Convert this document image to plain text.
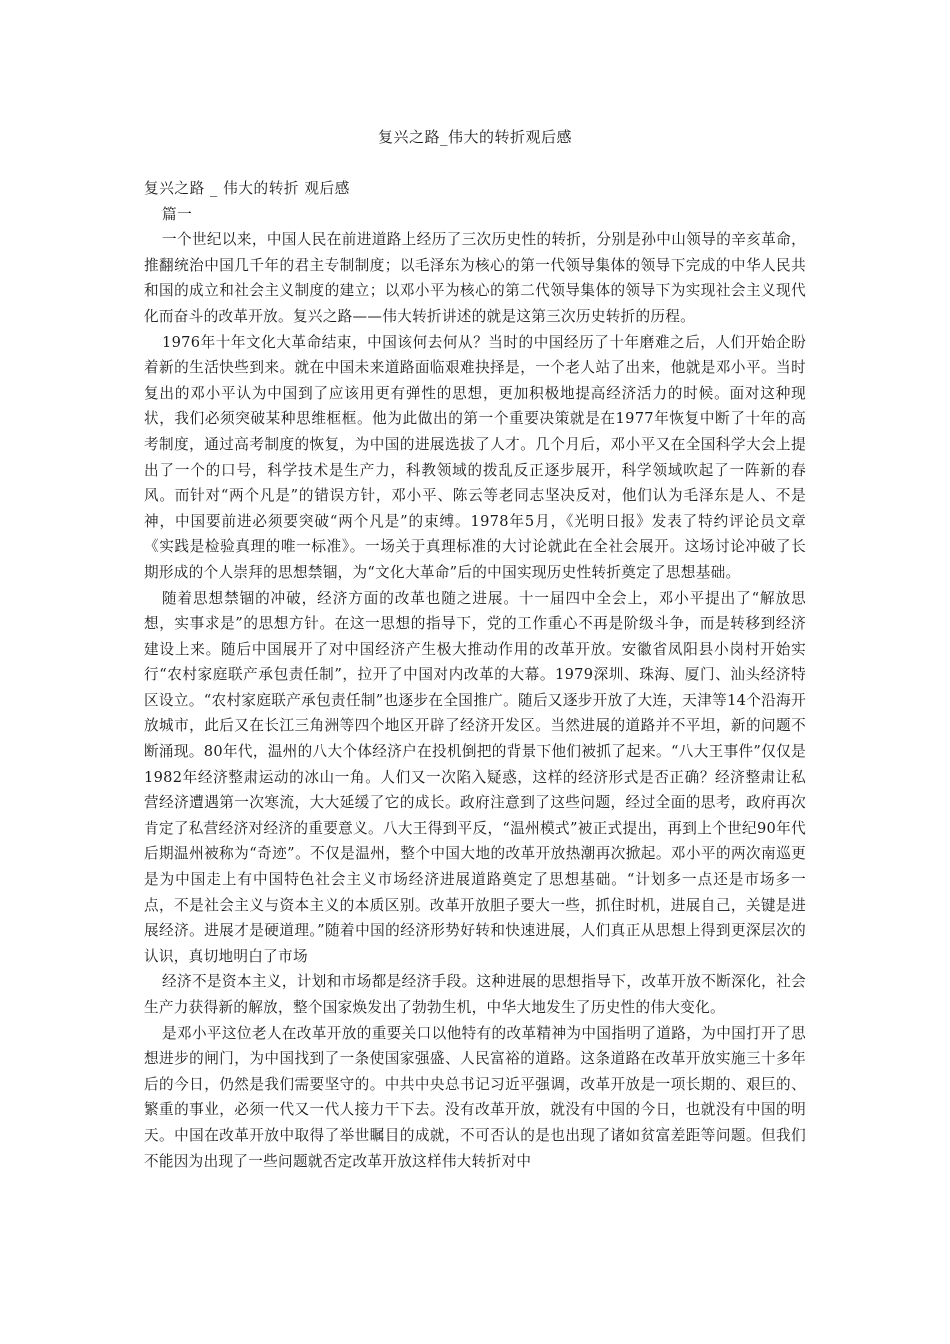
复兴之路_伟大的转折观后感

复兴之路 _ 伟大的转折 观后感

篇一

一个世纪以来，中国人民在前进道路上经历了三次历史性的转折，分别是孙中山领导的辛亥革命，推翻统治中国几千年的君主专制制度；以毛泽东为核心的第一代领导集体的领导下完成的中华人民共和国的成立和社会主义制度的建立；以邓小平为核心的第二代领导集体的领导下为实现社会主义现代化而奋斗的改革开放。复兴之路——伟大转折讲述的就是这第三次历史转折的历程。

1976年十年文化大革命结束，中国该何去何从？当时的中国经历了十年磨难之后，人们开始企盼着新的生活快些到来。就在中国未来道路面临艰难抉择是，一个老人站了出来，他就是邓小平。当时复出的邓小平认为中国到了应该用更有弹性的思想，更加积极地提高经济活力的时候。面对这种现状，我们必须突破某种思维框框。他为此做出的第一个重要决策就是在1977年恢复中断了十年的高考制度，通过高考制度的恢复，为中国的进展选拔了人才。几个月后，邓小平又在全国科学大会上提出了一个的口号，科学技术是生产力，科教领域的拨乱反正逐步展开，科学领域吹起了一阵新的春风。而针对“两个凡是”的错误方针，邓小平、陈云等老同志坚决反对，他们认为毛泽东是人、不是神，中国要前进必须要突破“两个凡是”的束缚。1978年5月，《光明日报》发表了特约评论员文章《实践是检验真理的唯一标准》。一场关于真理标准的大讨论就此在全社会展开。这场讨论冲破了长期形成的个人崇拜的思想禁锢，为“文化大革命”后的中国实现历史性转折奠定了思想基础。

随着思想禁锢的冲破，经济方面的改革也随之进展。十一届四中全会上，邓小平提出了“解放思想，实事求是”的思想方针。在这一思想的指导下，党的工作重心不再是阶级斗争，而是转移到经济建设上来。随后中国展开了对中国经济产生极大推动作用的改革开放。安徽省凤阳县小岗村开始实行“农村家庭联产承包责任制”，拉开了中国对内改革的大幕。1979深圳、珠海、厦门、汕头经济特区设立。“农村家庭联产承包责任制”也逐步在全国推广。随后又逐步开放了大连，天津等14个沿海开放城市，此后又在长江三角洲等四个地区开辟了经济开发区。当然进展的道路并不平坦，新的问题不断涌现。80年代，温州的八大个体经济户在投机倒把的背景下他们被抓了起来。“八大王事件”仅仅是1982年经济整肃运动的冰山一角。人们又一次陷入疑惑，这样的经济形式是否正确？经济整肃让私营经济遭遇第一次寒流，大大延缓了它的成长。政府注意到了这些问题，经过全面的思考，政府再次肯定了私营经济对经济的重要意义。八大王得到平反，“温州模式”被正式提出，再到上个世纪90年代后期温州被称为“奇迹”。不仅是温州，整个中国大地的改革开放热潮再次掀起。邓小平的两次南巡更是为中国走上有中国特色社会主义市场经济进展道路奠定了思想基础。“计划多一点还是市场多一点，不是社会主义与资本主义的本质区别。改革开放胆子要大一些，抓住时机，进展自己，关键是进展经济。进展才是硬道理。”随着中国的经济形势好转和快速进展，人们真正从思想上得到更深层次的认识，真切地明白了市场

经济不是资本主义，计划和市场都是经济手段。这种进展的思想指导下，改革开放不断深化，社会生产力获得新的解放，整个国家焕发出了勃勃生机，中华大地发生了历史性的伟大变化。

是邓小平这位老人在改革开放的重要关口以他特有的改革精神为中国指明了道路，为中国打开了思想进步的闸门，为中国找到了一条使国家强盛、人民富裕的道路。这条道路在改革开放实施三十多年后的今日，仍然是我们需要坚守的。中共中央总书记习近平强调，改革开放是一项长期的、艰巨的、繁重的事业，必须一代又一代人接力干下去。没有改革开放，就没有中国的今日，也就没有中国的明天。中国在改革开放中取得了举世瞩目的成就，不可否认的是也出现了诸如贫富差距等问题。但我们不能因为出现了一些问题就否定改革开放这样伟大转折对中
